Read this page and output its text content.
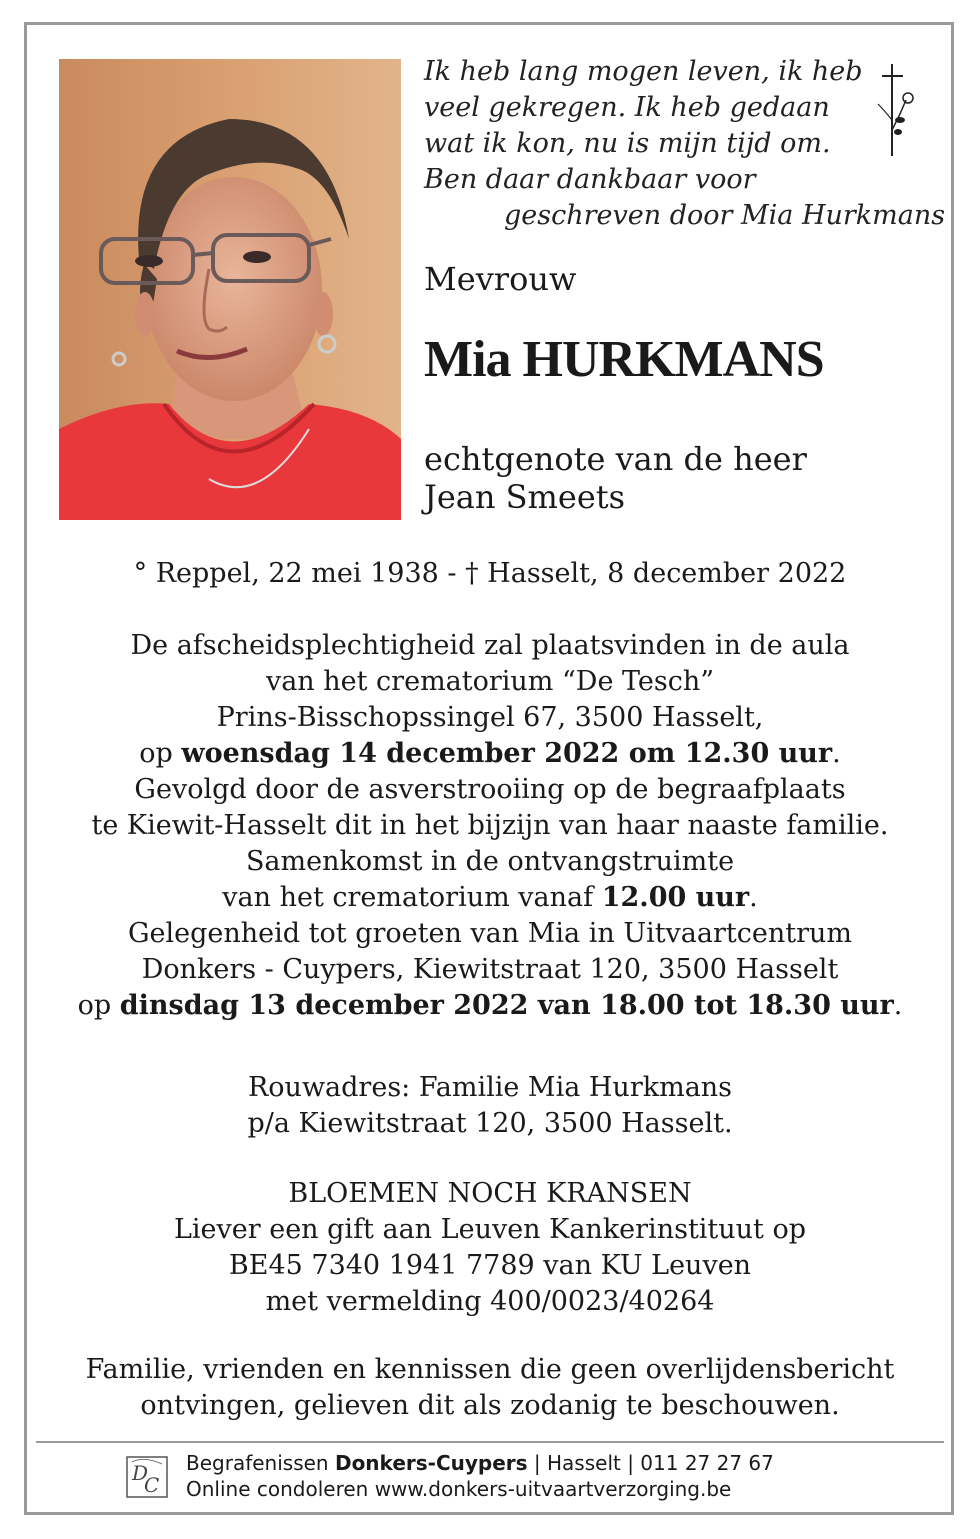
Ik heb lang mogen leven, ik heb
veel gekregen. Ik heb gedaan
wat ik kon, nu is mijn tijd om.
Ben daar dankbaar voor
geschreven door Mia Hurkmans
Mevrouw
Mia HURKMANS
echtgenote van de heer
Jean Smeets
° Reppel, 22 mei 1938 - † Hasselt, 8 december 2022
De afscheidsplechtigheid zal plaatsvinden in de aula
van het crematorium “De Tesch”
Prins-Bisschopssingel 67, 3500 Hasselt,
op woensdag 14 december 2022 om 12.30 uur.
Gevolgd door de asverstrooiing op de begraafplaats
te Kiewit-Hasselt dit in het bijzijn van haar naaste familie.
Samenkomst in de ontvangstruimte
van het crematorium vanaf 12.00 uur.
Gelegenheid tot groeten van Mia in Uitvaartcentrum
Donkers - Cuypers, Kiewitstraat 120, 3500 Hasselt
op dinsdag 13 december 2022 van 18.00 tot 18.30 uur.
Rouwadres: Familie Mia Hurkmans
p/a Kiewitstraat 120, 3500 Hasselt.
BLOEMEN NOCH KRANSEN
Liever een gift aan Leuven Kankerinstituut op
BE45 7340 1941 7789 van KU Leuven
met vermelding 400/0023/40264
Familie, vrienden en kennissen die geen overlijdensbericht
ontvingen, gelieven dit als zodanig te beschouwen.
D
C
Begrafenissen Donkers-Cuypers | Hasselt | 011 27 27 67
Online condoleren www.donkers-uitvaartverzorging.be
